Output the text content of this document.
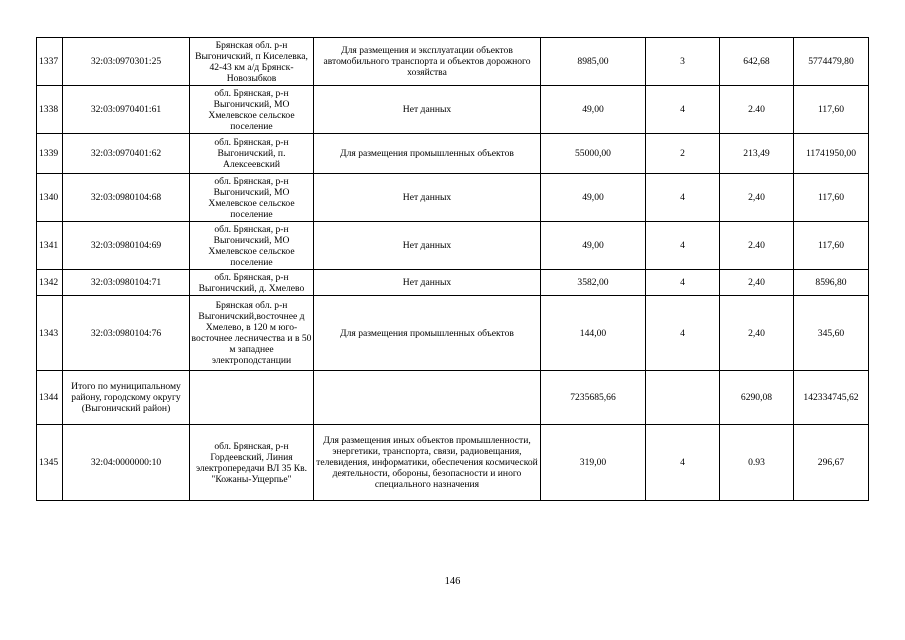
1337	32:03:0970301:25	Брянская обл. р-н Выгоничский, п Киселевка, 42-43 км а/д Брянск-Новозыбков	Для размещения и эксплуатации объектов автомобильного транспорта и объектов дорожного хозяйства	8985,00	3	642,68	5774479,80
1338	32:03:0970401:61	обл. Брянская, р-н Выгоничский, МО Хмелевское сельское поселение	Нет данных	49,00	4	2.40	117,60
1339	32:03:0970401:62	обл. Брянская, р-н Выгоничский, п. Алексеевский	Для размещения промышленных объектов	55000,00	2	213,49	11741950,00
1340	32:03:0980104:68	обл. Брянская, р-н Выгоничский, МО Хмелевское сельское поселение	Нет данных	49,00	4	2,40	117,60
1341	32:03:0980104:69	обл. Брянская, р-н Выгоничский, МО Хмелевское сельское поселение	Нет данных	49,00	4	2.40	117,60
1342	32:03:0980104:71	обл. Брянская, р-н Выгоничский, д. Хмелево	Нет данных	3582,00	4	2,40	8596,80
1343	32:03:0980104:76	Брянская обл. р-н Выгоничский,восточнее д Хмелево, в 120 м юго-восточнее лесничества и в 50 м западнее электроподстанции	Для размещения промышленных объектов	144,00	4	2,40	345,60
1344	Итого по муниципальному району, городскому округу (Выгоничский район)			7235685,66		6290,08	142334745,62
1345	32:04:0000000:10	обл. Брянская, р-н Гордеевский, Линия электропередачи ВЛ 35 Кв. "Кожаны-Ущерпье"	Для размещения иных объектов промышленности, энергетики, транспорта, связи, радиовещания, телевидения, информатики, обеспечения космической деятельности, обороны, безопасности и иного специального назначения	319,00	4	0.93	296,67
146
